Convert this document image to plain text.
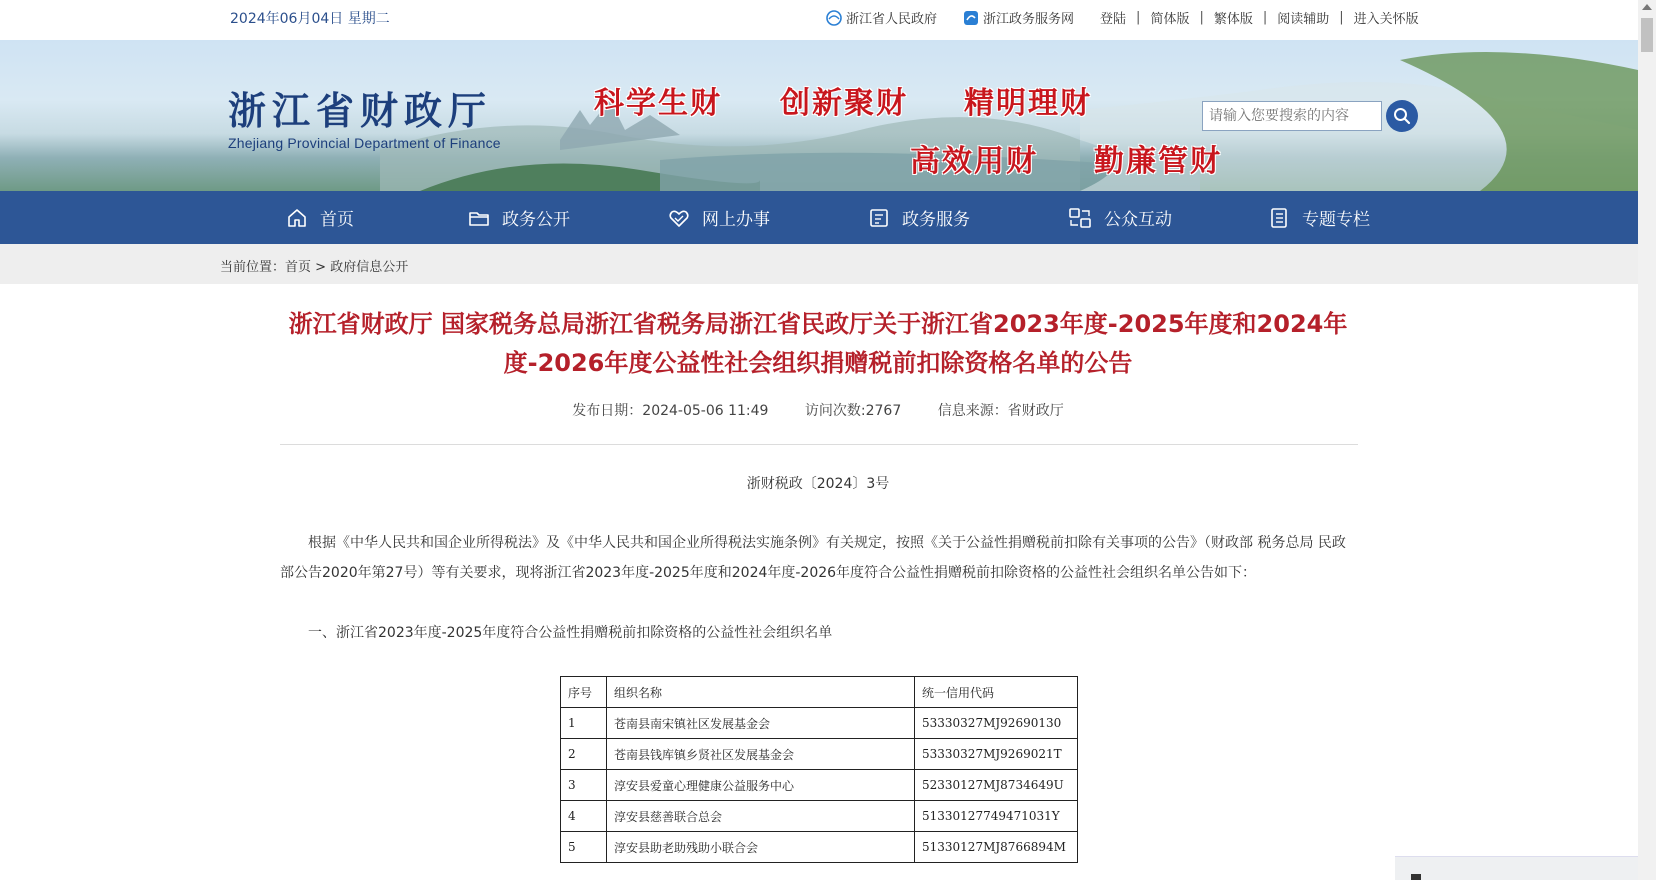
2024年06月04日 星期二	浙江省人民政府	浙江政务服务网 登陆 | 简体版 | 繁体版 | 阅读辅助 | 进入关怀版
浙江省财政厅
Zhejiang Provincial Department of Finance
科学生财 创新聚财 精明理财
高效用财 勤廉管财
请输入您要搜索的内容
首页	政务公开	网上办事	政务服务	公众互动	专题专栏
当前位置：首页 > 政府信息公开
浙江省财政厅 国家税务总局浙江省税务局浙江省民政厅关于浙江省2023年度-2025年度和2024年度-2026年度公益性社会组织捐赠税前扣除资格名单的公告
发布日期：2024-05-06 11:49	访问次数:2767	信息来源：省财政厅
浙财税政〔2024〕3号
根据《中华人民共和国企业所得税法》及《中华人民共和国企业所得税法实施条例》有关规定，按照《关于公益性捐赠税前扣除有关事项的公告》（财政部 税务总局 民政部公告2020年第27号）等有关要求，现将浙江省2023年度-2025年度和2024年度-2026年度符合公益性捐赠税前扣除资格的公益性社会组织名单公告如下：
一、浙江省2023年度-2025年度符合公益性捐赠税前扣除资格的公益性社会组织名单
序号	组织名称	统一信用代码
1	苍南县南宋镇社区发展基金会	53330327MJ92690130
2	苍南县钱库镇乡贤社区发展基金会	53330327MJ9269021T
3	淳安县爱童心理健康公益服务中心	52330127MJ8734649U
4	淳安县慈善联合总会	51330127749471031Y
5	淳安县助老助残助小联合会	51330127MJ8766894M
